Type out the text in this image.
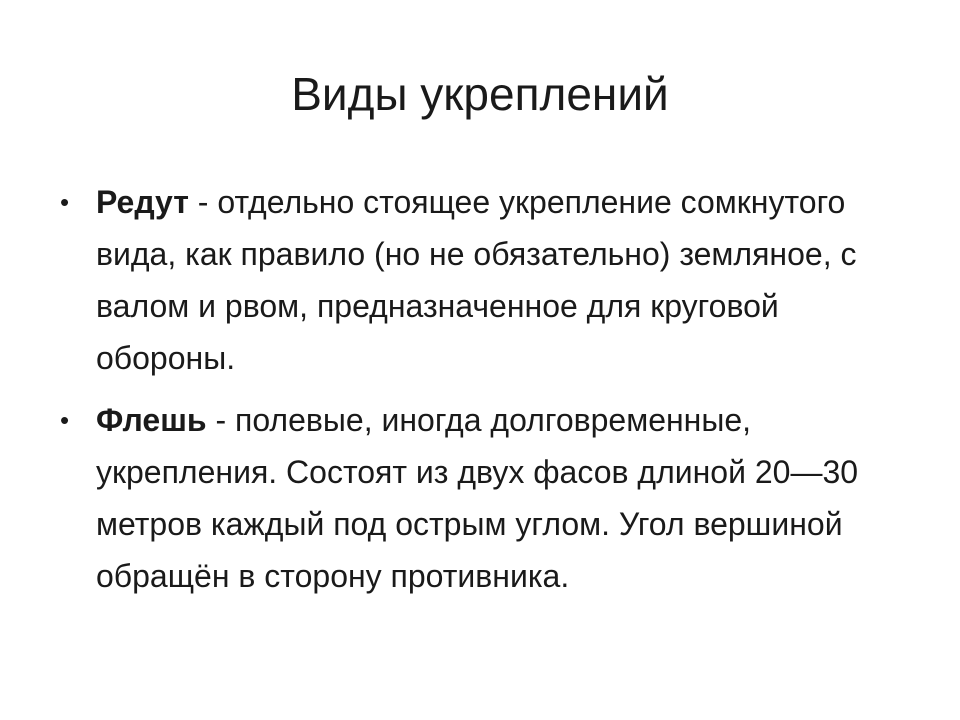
Виды укреплений
• Редут - отдельно стоящее укрепление сомкнутого вида, как правило (но не обязательно) земляное, с валом и рвом, предназначенное для круговой обороны.
• Флешь - полевые, иногда долговременные, укрепления. Состоят из двух фасов длиной 20—30 метров каждый под острым углом. Угол вершиной обращён в сторону противника.
